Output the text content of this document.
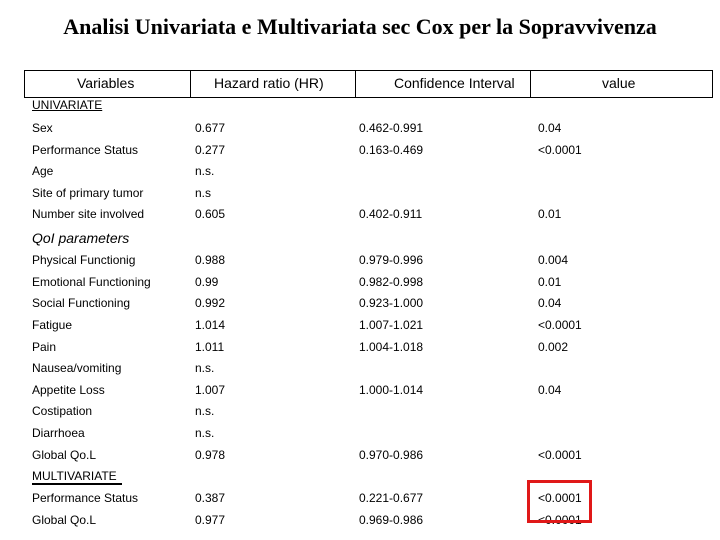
Analisi Univariata e Multivariata sec Cox per la Sopravvivenza
Variables	Hazard ratio (HR)	Confidence Interval	value
UNIVARIATE
Sex	0.677	0.462-0.991	0.04
Performance Status	0.277	0.163-0.469	<0.0001
Age	n.s.
Site of primary tumor	n.s
Number site involved	0.605	0.402-0.911	0.01
QoI parameters
Physical Functionig	0.988	0.979-0.996	0.004
Emotional Functioning	0.99	0.982-0.998	0.01
Social Functioning	0.992	0.923-1.000	0.04
Fatigue	1.014	1.007-1.021	<0.0001
Pain	1.011	1.004-1.018	0.002
Nausea/vomiting	n.s.
Appetite Loss	1.007	1.000-1.014	0.04
Costipation	n.s.
Diarrhoea	n.s.
Global Qo.L	0.978	0.970-0.986	<0.0001
MULTIVARIATE
Performance Status	0.387	0.221-0.677	<0.0001
Global Qo.L	0.977	0.969-0.986	<0.0001
